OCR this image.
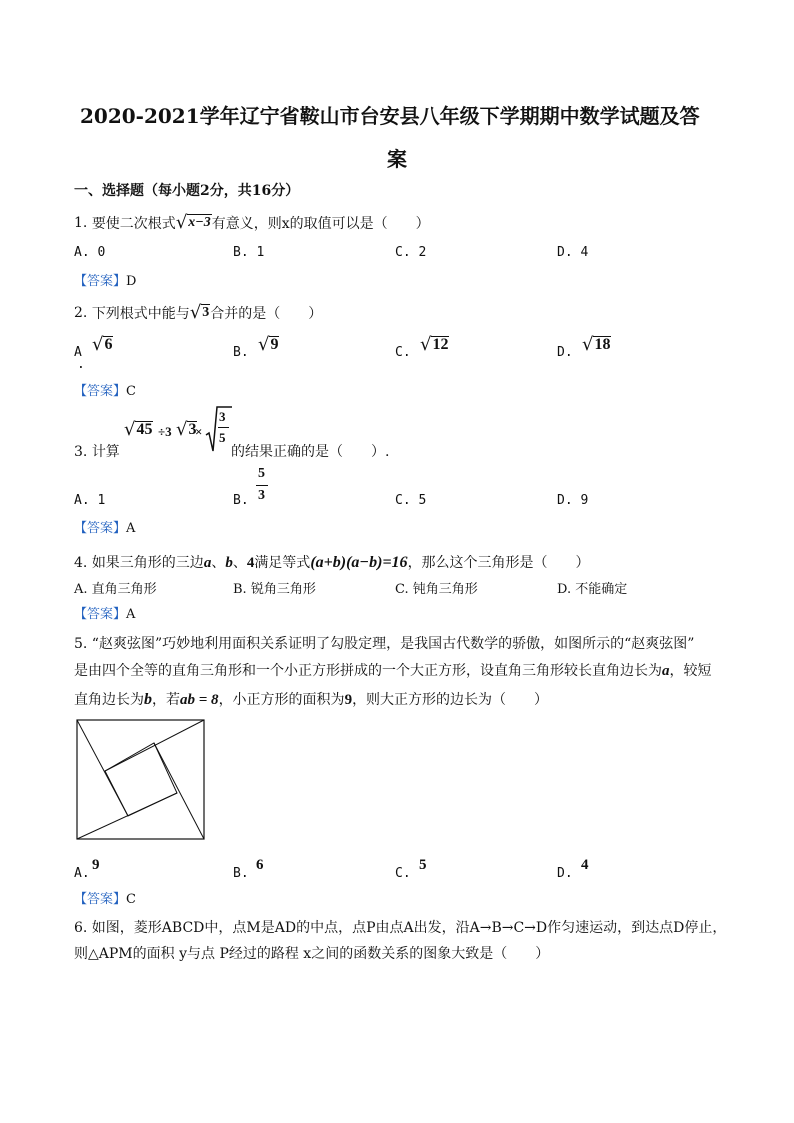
2020-2021学年辽宁省鞍山市台安县八年级下学期期中数学试题及答
案
一、选择题（每小题2分，共16分）
1.
要使二次根式 √ x−3 有意义，则x的取值可以是（　　）
A. 0	B. 1	C. 2	D. 4
【答案】D
2.
下列根式中能与 √ 3 合并的是（　　）
A
.
√ 6	B. √ 9	C. √ 12	D. √ 18
【答案】C
3. 计算
√ 45 ÷3 √ 3
×
3
5
的结果正确的是（　　）.
A. 1	B.
5
3	C. 5	D. 9
【答案】A
4. 如果三角形的三边a、b、4满足等式(a+b)(a−b)=16，那么这个三角形是（　　）
A. 直角三角形	B. 锐角三角形	C. 钝角三角形	D. 不能确定
【答案】A
5. “赵爽弦图”巧妙地利用面积关系证明了勾股定理，是我国古代数学的骄傲，如图所示的“赵爽弦图”
是由四个全等的直角三角形和一个小正方形拼成的一个大正方形，设直角三角形较长直角边长为a，较短
直角边长为b，若ab = 8，小正方形的面积为9，则大正方形的边长为（　　）
A.
9
B.
6
C.
5
D.
4
【答案】C
6. 如图，菱形ABCD中，点M是AD的中点，点P由点A出发，沿A→B→C→D作匀速运动，到达点D停止，
则△APM的面积 y与点 P经过的路程 x之间的函数关系的图象大致是（　　）
